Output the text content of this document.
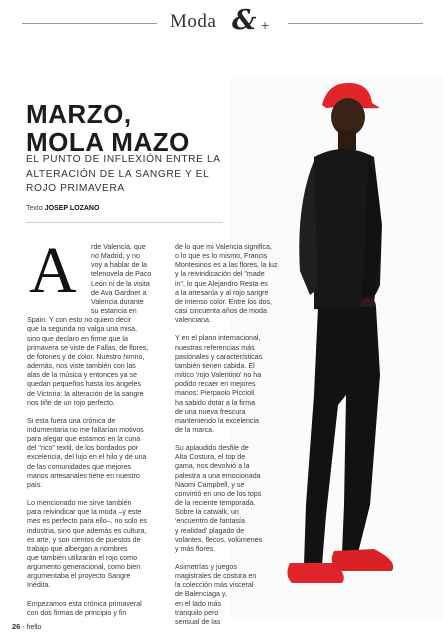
Moda & +
MARZO,
MOLA MAZO
EL PUNTO DE INFLEXIÓN ENTRE LA ALTERACIÓN DE LA SANGRE Y EL ROJO PRIMAVERA
Texto JOSEP LOZANO
A	rde Valencia, que
no Madrid, y no
voy a hablar de la
telenovela de Paco
León ni de la visita
de Ava Gardner a
Valencia durante
su estancia en
Spain. Y con esto no quiero decir
que la segunda no valga una misa,
sino que declaro en firme que la
primavera se viste de Fallas, de flores,
de fotones y de color. Nuestro himno,
además, nos viste también con las
alas de la música y entonces ya se
quedan pequeños hasta los ángeles
de Victoria: la alteración de la sangre
nos tiñe de un rojo perfecto.

Si esta fuera una crónica de
indumentaria no me faltarían motivos
para alegar que estamos en la cuna
del "rico" textil, de los bordados por
excelencia, del lujo en el hilo y de una
de las comunidades que mejores
manos artesanales tiene en nuestro
país.

Lo mencionado me sirve también
para reivindicar que la moda –y este
mes es perfecto para ello–, no solo es
industria, sino que además es cultura,
es arte, y son cientos de puestos de
trabajo que albergan a nombres
que también utilizarán el rojo como
argumento generacional, como bien
argumentaba el proyecto Sangre
Inédita.

Empezamos esta crónica primaveral
con dos firmas de principio y fin

de lo que mi Valencia significa,
o lo que es lo mismo, Francis
Montesinos es a las flores, la luz
y la reivindicación del "made
in", lo que Alejandro Resta es
a la artesanía y al rojo sangre
de intenso color. Entre los dos,
casi cincuenta años de moda
valenciana.

Y en el plano internacional,
nuestras referencias más
pasionales y características
también tienen cabida. El
mítico 'rojo Valentino' no ha
podido recaer en mejores
manos: Pierpaolo Piccioli
ha sabido dotar a la firma
de una nueva frescura
manteniendo la excelencia
de la marca.

Su aplaudido desfile de
Alta Costura, el top de
gama, nos devolvió a la
palestra a una emocionada
Naomi Campbell, y se
convirtió en uno de los tops
de la reciente temporada.
Sobre la catwalk, un
'encuentro de fantasía
y realidad' plagado de
volantes, flecos, volúmenes
y más flores.

Asimetrías y juegos
magistrales de costura en
la colección más visceral
de Balenciaga y,
en el lado más
tranquilo pero
sensual de las

26 - hello
